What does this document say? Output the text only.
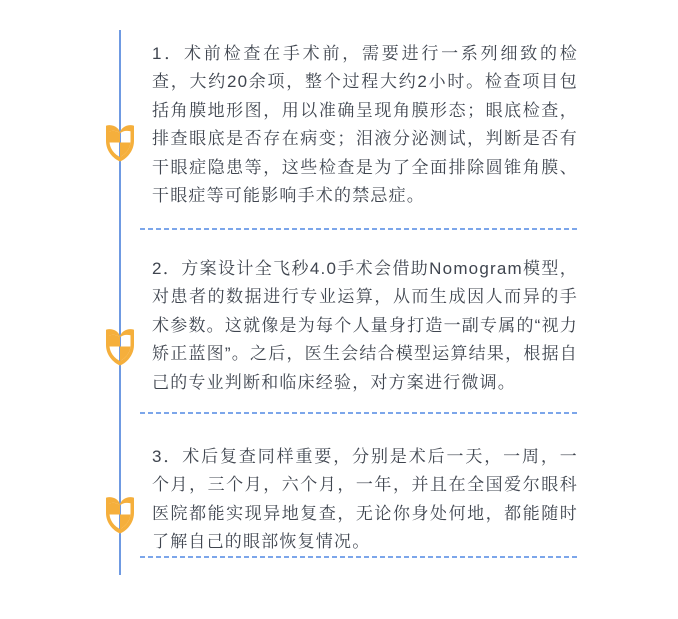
1．术前检查在手术前，需要进行一系列细致的检查，大约20余项，整个过程大约2小时。检查项目包括角膜地形图，用以准确呈现角膜形态；眼底检查，排查眼底是否存在病变；泪液分泌测试，判断是否有干眼症隐患等，这些检查是为了全面排除圆锥角膜、干眼症等可能影响手术的禁忌症。

2．方案设计全飞秒4.0手术会借助Nomogram模型，对患者的数据进行专业运算，从而生成因人而异的手术参数。这就像是为每个人量身打造一副专属的“视力矫正蓝图”。之后，医生会结合模型运算结果，根据自己的专业判断和临床经验，对方案进行微调。

3．术后复查同样重要，分别是术后一天，一周，一个月，三个月，六个月，一年，并且在全国爱尔眼科医院都能实现异地复查，无论你身处何地，都能随时了解自己的眼部恢复情况。
